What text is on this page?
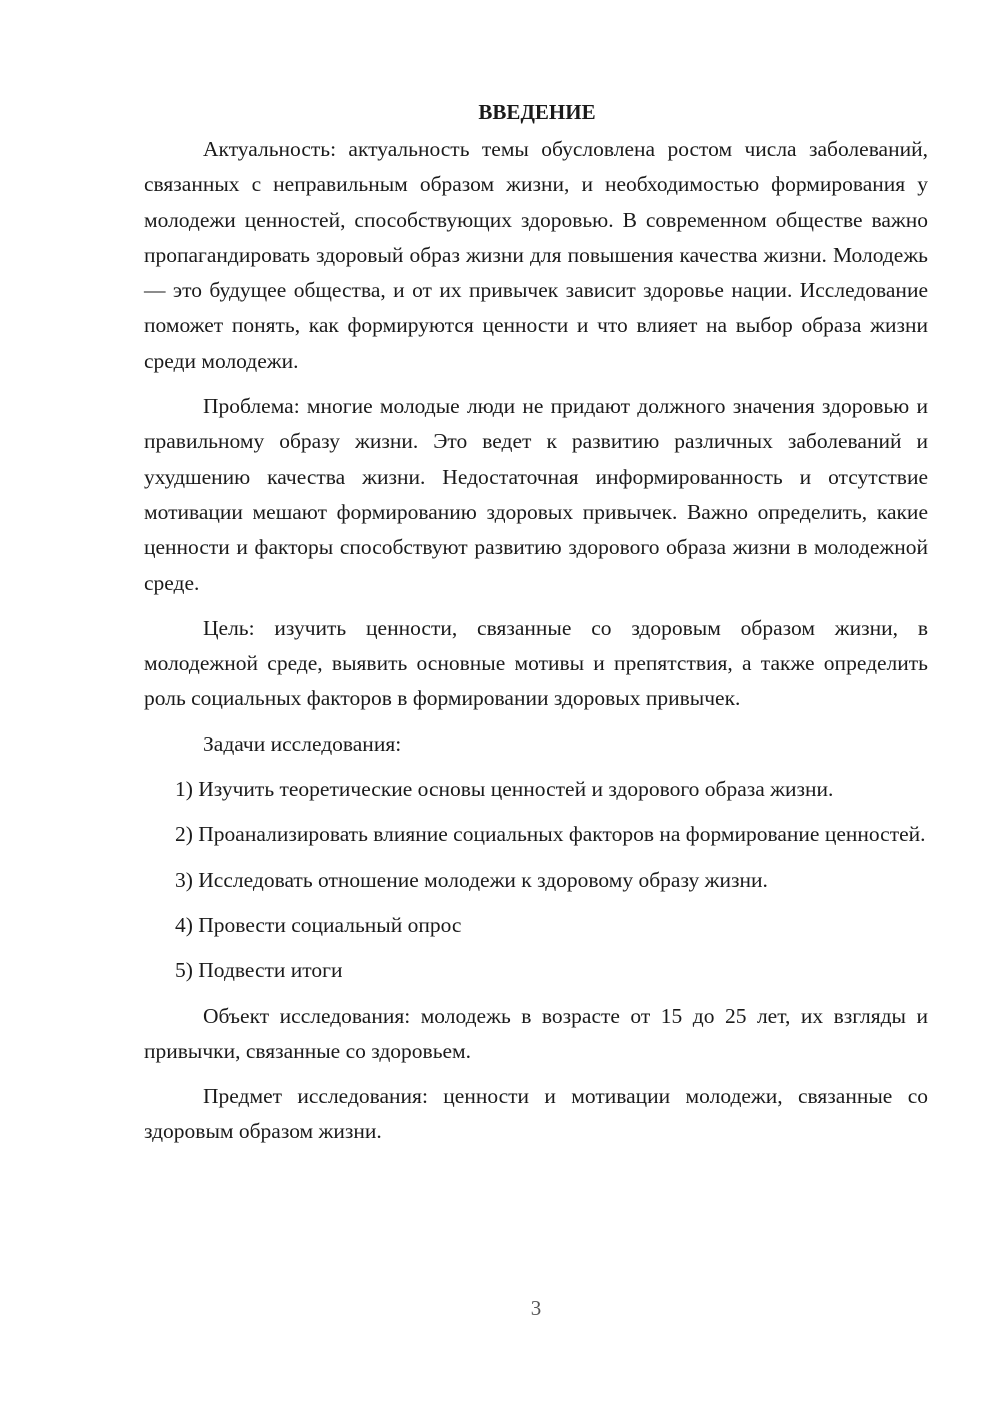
ВВЕДЕНИЕ

Актуальность: актуальность темы обусловлена ростом числа заболеваний, связанных с неправильным образом жизни, и необходимостью формирования у молодежи ценностей, способствующих здоровью. В современном обществе важно пропагандировать здоровый образ жизни для повышения качества жизни. Молодежь — это будущее общества, и от их привычек зависит здоровье нации. Исследование поможет понять, как формируются ценности и что влияет на выбор образа жизни среди молодежи.

Проблема: многие молодые люди не придают должного значения здоровью и правильному образу жизни. Это ведет к развитию различных заболеваний и ухудшению качества жизни. Недостаточная информированность и отсутствие мотивации мешают формированию здоровых привычек. Важно определить, какие ценности и факторы способствуют развитию здорового образа жизни в молодежной среде.

Цель: изучить ценности, связанные со здоровым образом жизни, в молодежной среде, выявить основные мотивы и препятствия, а также определить роль социальных факторов в формировании здоровых привычек.

Задачи исследования:

1) Изучить теоретические основы ценностей и здорового образа жизни.

2) Проанализировать влияние социальных факторов на формирование ценностей.

3) Исследовать отношение молодежи к здоровому образу жизни.

4) Провести социальный опрос

5) Подвести итоги

Объект исследования: молодежь в возрасте от 15 до 25 лет, их взгляды и привычки, связанные со здоровьем.

Предмет исследования: ценности и мотивации молодежи, связанные со здоровым образом жизни.

3
